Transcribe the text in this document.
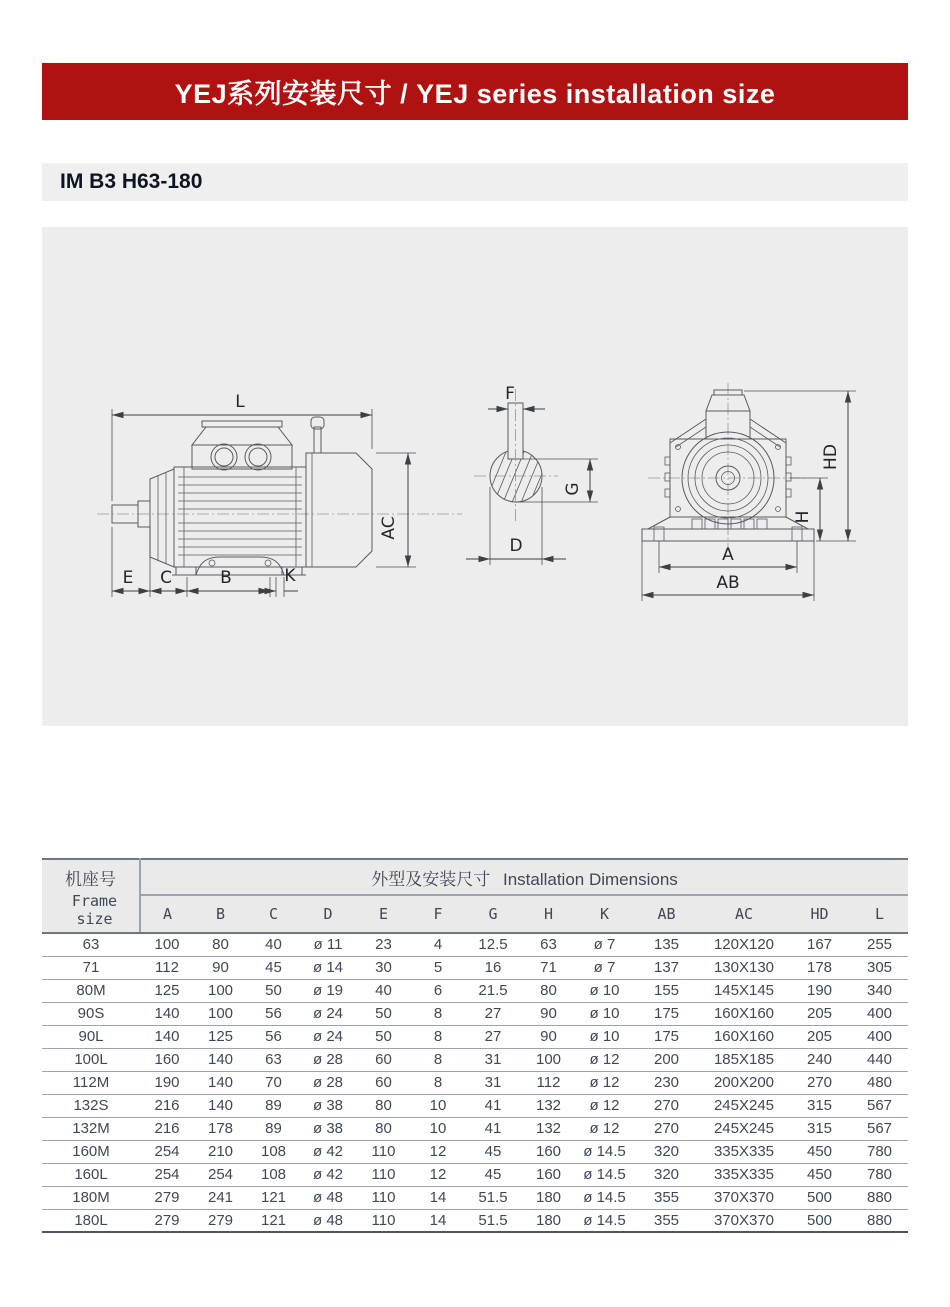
YEJ系列安装尺寸 / YEJ series installation size
IM B3 H63-180
L
AC
E C	B	K
F
G
D
HD
H
A
AB
机座号
Frame size	外型及安装尺寸 Installation Dimensions												
	A	B	C	D	E	F	G	H	K	AB	AC	HD	L
63	100	80	40	ø 11	23	4	12.5	63	ø 7	135	120X120	167	255
71	112	90	45	ø 14	30	5	16	71	ø 7	137	130X130	178	305
80M	125	100	50	ø 19	40	6	21.5	80	ø 10	155	145X145	190	340
90S	140	100	56	ø 24	50	8	27	90	ø 10	175	160X160	205	400
90L	140	125	56	ø 24	50	8	27	90	ø 10	175	160X160	205	400
100L	160	140	63	ø 28	60	8	31	100	ø 12	200	185X185	240	440
112M	190	140	70	ø 28	60	8	31	112	ø 12	230	200X200	270	480
132S	216	140	89	ø 38	80	10	41	132	ø 12	270	245X245	315	567
132M	216	178	89	ø 38	80	10	41	132	ø 12	270	245X245	315	567
160M	254	210	108	ø 42	110	12	45	160	ø 14.5	320	335X335	450	780
160L	254	254	108	ø 42	110	12	45	160	ø 14.5	320	335X335	450	780
180M	279	241	121	ø 48	110	14	51.5	180	ø 14.5	355	370X370	500	880
180L	279	279	121	ø 48	110	14	51.5	180	ø 14.5	355	370X370	500	880
